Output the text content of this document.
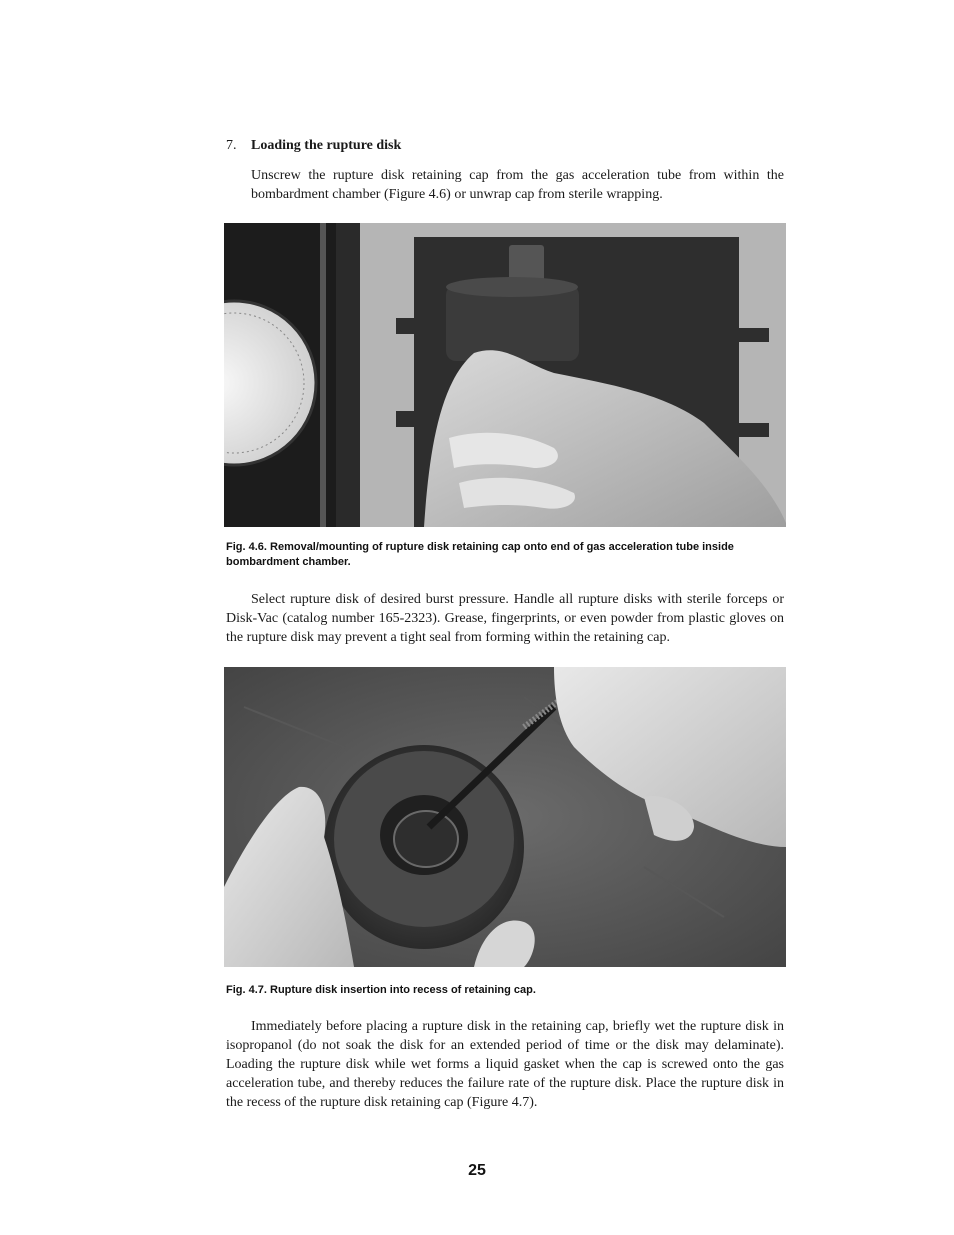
7. Loading the rupture disk

Unscrew the rupture disk retaining cap from the gas acceleration tube from within the bombardment chamber (Figure 4.6) or unwrap cap from sterile wrapping.

Fig. 4.6. Removal/mounting of rupture disk retaining cap onto end of gas acceleration tube inside bombardment chamber.

Select rupture disk of desired burst pressure. Handle all rupture disks with sterile forceps or Disk-Vac (catalog number 165-2323). Grease, fingerprints, or even powder from plastic gloves on the rupture disk may prevent a tight seal from forming within the retaining cap.

Fig. 4.7. Rupture disk insertion into recess of retaining cap.

Immediately before placing a rupture disk in the retaining cap, briefly wet the rupture disk in isopropanol (do not soak the disk for an extended period of time or the disk may delaminate). Loading the rupture disk while wet forms a liquid gasket when the cap is screwed onto the gas acceleration tube, and thereby reduces the failure rate of the rupture disk. Place the rupture disk in the recess of the rupture disk retaining cap (Figure 4.7).

25
